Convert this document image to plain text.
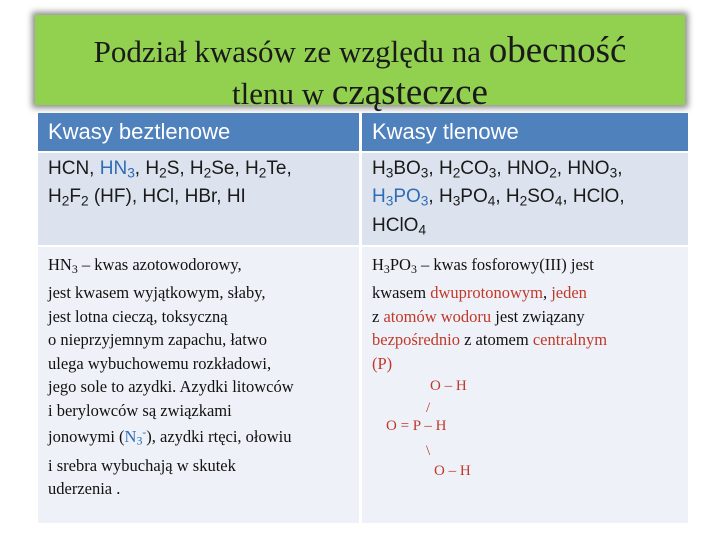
Podział kwasów ze względu na obecność
tlenu w cząsteczce
Kwasy beztlenowe	Kwasy tlenowe
HCN, $HN_3$, $H_2S$, $H_2Se$, $H_2Te$,
$H_2F_2$ (HF), HCl, HBr, HI
$H_3BO_3$, $H_2CO_3$, $HNO_2$, $HNO_3$,
$H_3PO_3$, $H_3PO_4$, $H_2SO_4$, HClO,
HClO$_4$
$HN_3$ – kwas azotowodorowy,
jest kwasem wyjątkowym, słaby,
jest lotna cieczą, toksyczną
o nieprzyjemnym zapachu, łatwo
ulega wybuchowemu rozkładowi,
jego sole to azydki. Azydki litowców
i berylowców są związkami
jonowymi $(N_3^-)$, azydki rtęci, ołowiu
i srebra wybuchają w skutek
uderzenia .
$H_3PO_3$ – kwas fosforowy(III) jest
kwasem dwuprotonowym, jeden
z atomów wodoru jest związany
bezpośrednio z atomem centralnym
(P)
O – H
/
O = P – H
\
O – H
